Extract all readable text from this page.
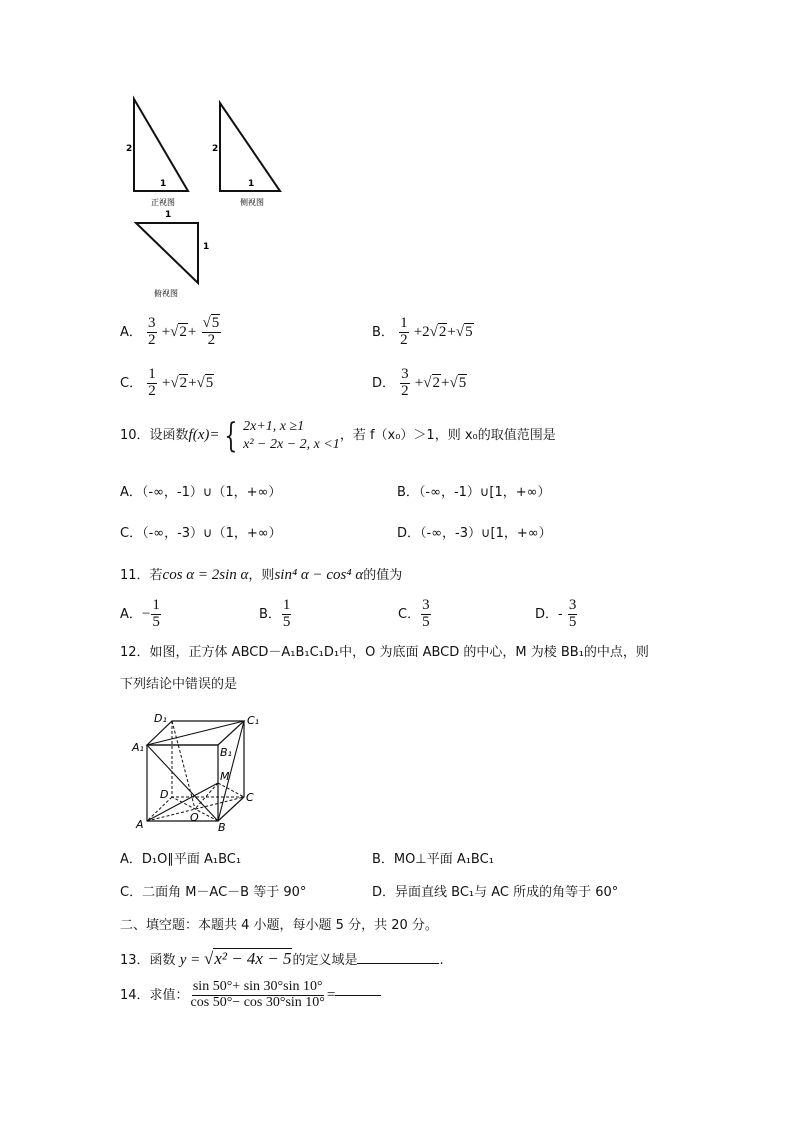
2
1
正视图
2
1
侧视图
1
1
俯视图
A． $\frac{3}{2} +√2+ \frac{√5}{2}$	B． $\frac{1}{2} +2√2+√5$
C． $\frac{1}{2} +√2+√5$	D． $\frac{3}{2} +√2+√5$
10．设函数 f(x)= { 2x+1, x ≥1
x² − 2x − 2, x <1
，若 f（x₀）＞1，则 x₀的取值范围是
A．（-∞，-1）∪（1，+∞）	B．（-∞，-1）∪[1，+∞）
C．（-∞，-3）∪（1，+∞）	D．（-∞，-3）∪[1，+∞）
11．若cos α = 2sin α，则sin⁴ α − cos⁴ α的值为
A．− $\frac{1}{5}$	B． $\frac{1}{5}$	C． $\frac{3}{5}$	D．- $\frac{3}{5}$
12．如图，正方体 ABCD－A₁B₁C₁D₁中，O 为底面 ABCD 的中心，M 为棱 BB₁的中点，则
下列结论中错误的是
D₁	C₁
A₁	B₁
M
D	C
A
O
B
A．D₁O∥平面 A₁BC₁	B．MO⊥平面 A₁BC₁
C．二面角 M－AC－B 等于 90°	D．异面直线 BC₁与 AC 所成的角等于 60°
二、填空题：本题共 4 小题，每小题 5 分，共 20 分。
13．函数 y = √x² − 4x − 5的定义域是	.
14．求值： $\frac{\sin 50^\circ+ \sin 30^\circ\sin 10^\circ}{\cos 50^\circ- \cos 30^\circ\sin 10^\circ}$ =
